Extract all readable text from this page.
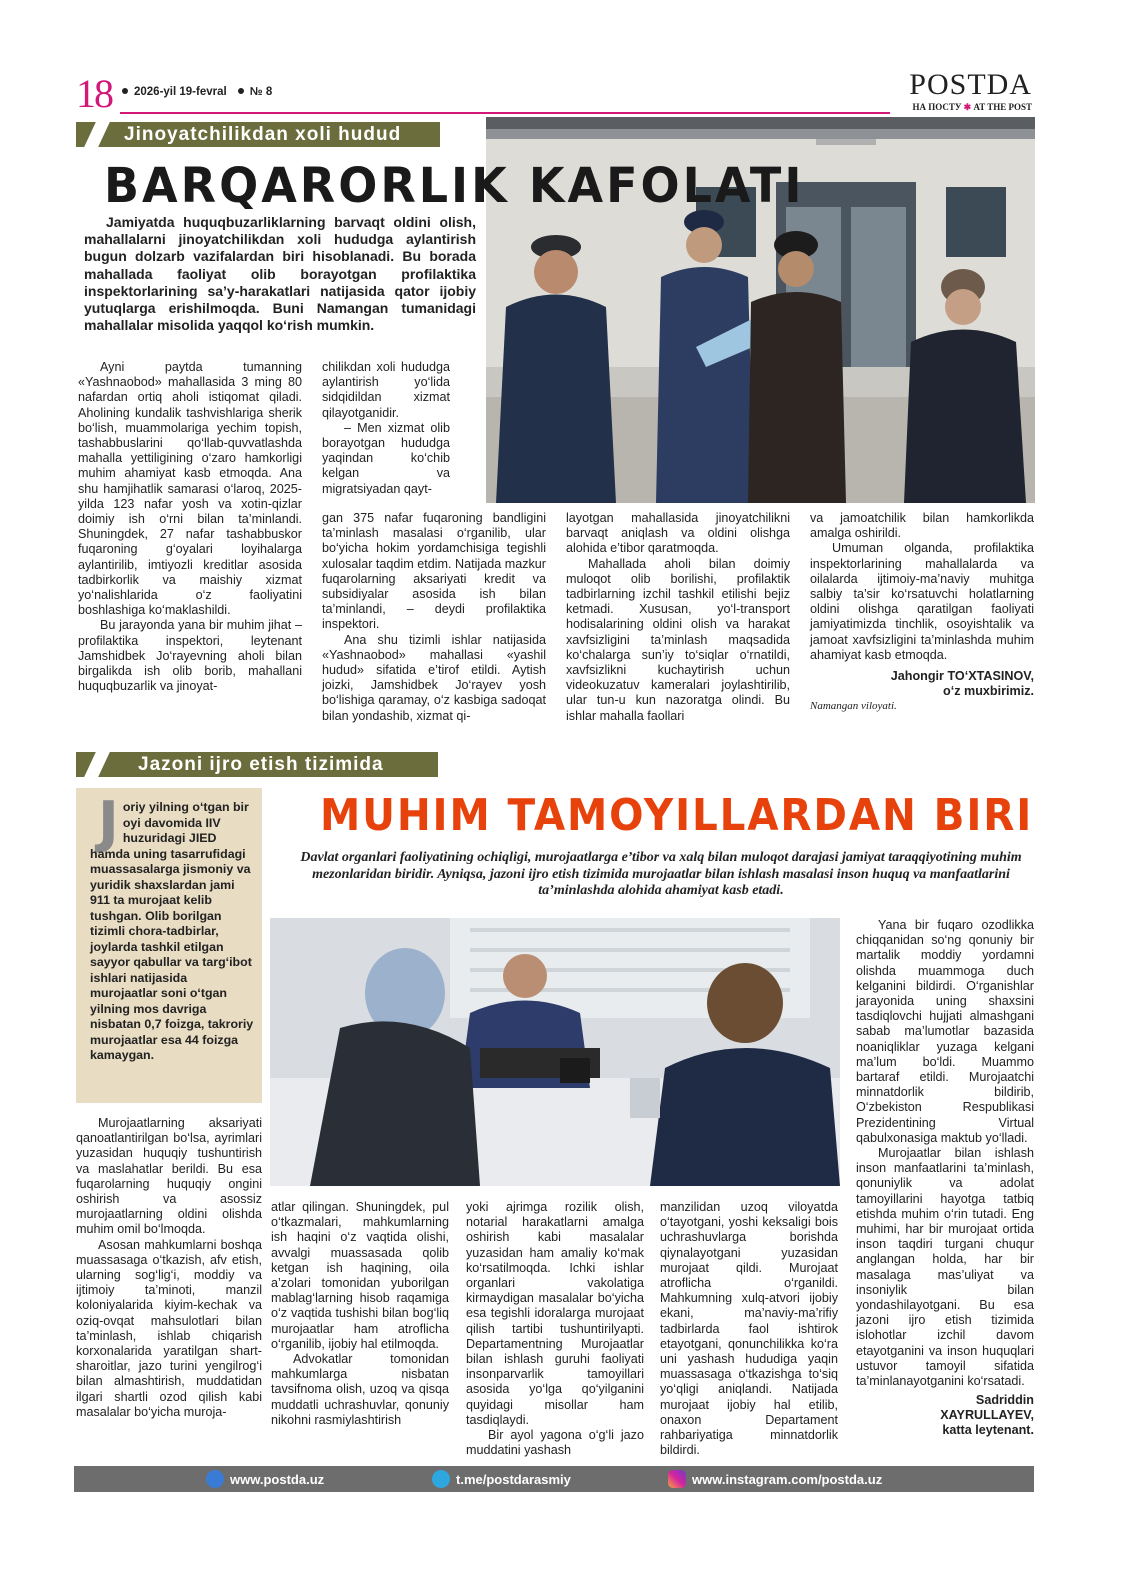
18	2026-yil 19-fevral № 8	POSTDA
НА ПОСТУ ✱ AT THE POST
Jinoyatchilikdan xoli hudud
BARQARORLIK KAFOLATI
Jamiyatda huquqbuzarliklarning barvaqt oldini olish, mahallalarni jinoyatchilikdan xoli hududga aylantirish bugun dolzarb vazifalardan biri hisoblanadi. Bu borada mahallada faoliyat olib borayotgan profilaktika inspektorlarining sa’y-harakatlari natijasida qator ijobiy yutuqlarga erishilmoqda. Buni Namangan tumanidagi mahallalar misolida yaqqol ko‘rish mumkin.

Ayni paytda tumanning «Yashnaobod» mahallasida 3 ming 80 nafardan ortiq aholi istiqomat qiladi. Aholining kundalik tashvishlariga sherik bo‘lish, muammolariga yechim topish, tashabbuslarini qo‘llab-quvvatlashda mahalla yettiligining o‘zaro hamkorligi muhim ahamiyat kasb etmoqda. Ana shu hamjihatlik samarasi o‘laroq, 2025-yilda 123 nafar yosh va xotin-qizlar doimiy ish o‘rni bilan ta’minlandi. Shuningdek, 27 nafar tashabbuskor fuqaroning g‘oyalari loyihalarga aylantirilib, imtiyozli kreditlar asosida tadbirkorlik va maishiy xizmat yo‘nalishlarida o‘z faoliyatini boshlashiga ko‘maklashildi.

Bu jarayonda yana bir muhim jihat – profilaktika inspektori, leytenant Jamshidbek Jo‘rayevning aholi bilan birgalikda ish olib borib, mahallani huquqbuzarlik va jinoyat-

chilikdan xoli hududga aylantirish yo‘lida sidqidildan xizmat qilayotganidir.

– Men xizmat olib borayotgan hududga yaqindan ko‘chib kelgan va migratsiyadan qayt-

gan 375 nafar fuqaroning bandligini ta’minlash masalasi o‘rganilib, ular bo‘yicha hokim yordamchisiga tegishli xulosalar taqdim etdim. Natijada mazkur fuqarolarning aksariyati kredit va subsidiyalar asosida ish bilan ta’minlandi, – deydi profilaktika inspektori.

Ana shu tizimli ishlar natijasida «Yashnaobod» mahallasi «yashil hudud» sifatida e’tirof etildi. Aytish joizki, Jamshidbek Jo‘rayev yosh bo‘lishiga qaramay, o‘z kasbiga sadoqat bilan yondashib, xizmat qi-

layotgan mahallasida jinoyatchilikni barvaqt aniqlash va oldini olishga alohida e’tibor qaratmoqda.

Mahallada aholi bilan doimiy muloqot olib borilishi, profilaktik tadbirlarning izchil tashkil etilishi bejiz ketmadi. Xususan, yo‘l-transport hodisalarining oldini olish va harakat xavfsizligini ta’minlash maqsadida ko‘chalarga sun’iy to‘siqlar o‘rnatildi, xavfsizlikni kuchaytirish uchun videokuzatuv kameralari joylashtirilib, ular tun-u kun nazoratga olindi. Bu ishlar mahalla faollari

va jamoatchilik bilan hamkorlikda amalga oshirildi.

Umuman olganda, profilaktika inspektorlarining mahallalarda va oilalarda ijtimoiy-ma’naviy muhitga salbiy ta’sir ko‘rsatuvchi holatlarning oldini olishga qaratilgan faoliyati jamiyatimizda tinchlik, osoyishtalik va jamoat xavfsizligini ta’minlashda muhim ahamiyat kasb etmoqda.

Jahongir TO‘XTASINOV,
o‘z muxbirimiz.
Namangan viloyati.
Jazoni ijro etish tizimida
MUHIM TAMOYILLARDAN BIRI
Davlat organlari faoliyatining ochiqligi, murojaatlarga e’tibor va xalq bilan muloqot darajasi jamiyat taraqqiyotining muhim mezonlaridan biridir. Ayniqsa, jazoni ijro etish tizimida murojaatlar bilan ishlash masalasi inson huquq va manfaatlarini ta’minlashda alohida ahamiyat kasb etadi.
Joriy yilning o‘tgan bir oyi davomida IIV huzuridagi JIED hamda uning tasarrufidagi muassasalarga jismoniy va yuridik shaxslardan jami 911 ta murojaat kelib tushgan. Olib borilgan tizimli chora-tadbirlar, joylarda tashkil etilgan sayyor qabullar va targ‘ibot ishlari natijasida murojaatlar soni o‘tgan yilning mos davriga nisbatan 0,7 foizga, takroriy murojaatlar esa 44 foizga kamaygan.

Murojaatlarning aksariyati qanoatlantirilgan bo‘lsa, ayrimlari yuzasidan huquqiy tushuntirish va maslahatlar berildi. Bu esa fuqarolarning huquqiy ongini oshirish va asossiz murojaatlarning oldini olishda muhim omil bo‘lmoqda.

Asosan mahkumlarni boshqa muassasaga o‘tkazish, afv etish, ularning sog‘lig‘i, moddiy va ijtimoiy ta’minoti, manzil koloniyalarida kiyim-kechak va oziq-ovqat mahsulotlari bilan ta’minlash, ishlab chiqarish korxonalarida yaratilgan shart-sharoitlar, jazo turini yengilrog‘i bilan almashtirish, muddatidan ilgari shartli ozod qilish kabi masalalar bo‘yicha muroja-

atlar qilingan. Shuningdek, pul o‘tkazmalari, mahkumlarning ish haqini o‘z vaqtida olishi, avvalgi muassasada qolib ketgan ish haqining, oila a’zolari tomonidan yuborilgan mablag‘larning hisob raqamiga o‘z vaqtida tushishi bilan bog‘liq murojaatlar ham atroflicha o‘rganilib, ijobiy hal etilmoqda.

Advokatlar tomonidan mahkumlarga nisbatan tavsifnoma olish, uzoq va qisqa muddatli uchrashuvlar, qonuniy nikohni rasmiylashtirish

yoki ajrimga rozilik olish, notarial harakatlarni amalga oshirish kabi masalalar yuzasidan ham amaliy ko‘mak ko‘rsatilmoqda. Ichki ishlar organlari vakolatiga kirmaydigan masalalar bo‘yicha esa tegishli idoralarga murojaat qilish tartibi tushuntirilyapti. Departamentning Murojaatlar bilan ishlash guruhi faoliyati insonparvarlik tamoyillari asosida yo‘lga qo‘yilganini quyidagi misollar ham tasdiqlaydi.

Bir ayol yagona o‘g‘li jazo muddatini yashash

manzilidan uzoq viloyatda o‘tayotgani, yoshi keksaligi bois uchrashuvlarga borishda qiynalayotgani yuzasidan murojaat qildi. Murojaat atroflicha o‘rganildi. Mahkumning xulq-atvori ijobiy ekani, ma’naviy-ma’rifiy tadbirlarda faol ishtirok etayotgani, qonunchilikka ko‘ra uni yashash hududiga yaqin muassasaga o‘tkazishga to‘siq yo‘qligi aniqlandi. Natijada murojaat ijobiy hal etilib, onaxon Departament rahbariyatiga minnatdorlik bildirdi.

Yana bir fuqaro ozodlikka chiqqanidan so‘ng qonuniy bir martalik moddiy yordamni olishda muammoga duch kelganini bildirdi. O‘rganishlar jarayonida uning shaxsini tasdiqlovchi hujjati almashgani sabab ma’lumotlar bazasida noaniqliklar yuzaga kelgani ma’lum bo‘ldi. Muammo bartaraf etildi. Murojaatchi minnatdorlik bildirib, O‘zbekiston Respublikasi Prezidentining Virtual qabulxonasiga maktub yo‘lladi.

Murojaatlar bilan ishlash inson manfaatlarini ta’minlash, qonuniylik va adolat tamoyillarini hayotga tatbiq etishda muhim o‘rin tutadi. Eng muhimi, har bir murojaat ortida inson taqdiri turgani chuqur anglangan holda, har bir masalaga mas’uliyat va insoniylik bilan yondashilayotgani. Bu esa jazoni ijro etish tizimida islohotlar izchil davom etayotganini va inson huquqlari ustuvor tamoyil sifatida ta’minlanayotganini ko‘rsatadi.

Sadriddin
XAYRULLAYEV,
katta leytenant.
www.postda.uz	t.me/postdarasmiy	www.instagram.com/postda.uz
